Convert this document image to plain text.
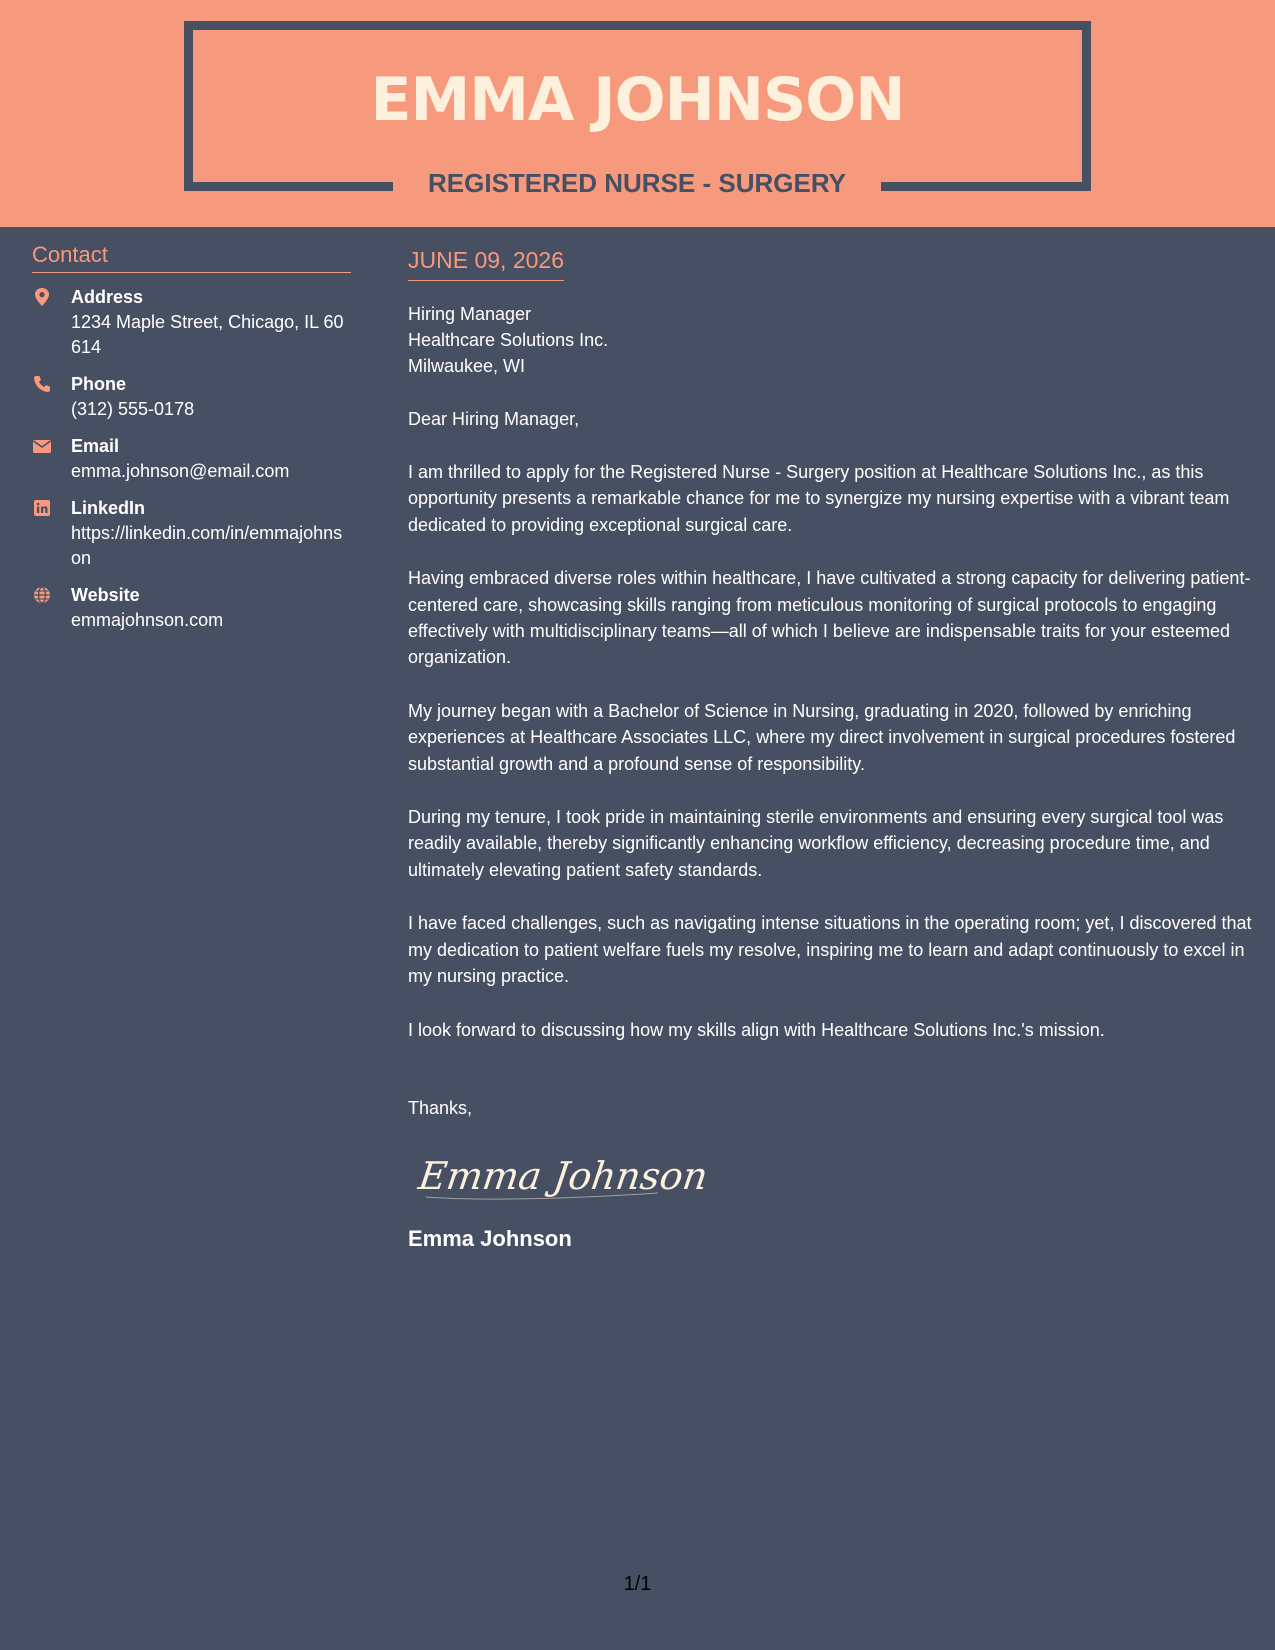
EMMA JOHNSON
REGISTERED NURSE - SURGERY
Contact
Address
1234 Maple Street, Chicago, IL 60614
Phone
(312) 555-0178
Email
emma.johnson@email.com
LinkedIn
https://linkedin.com/in/emmajohnson
Website
emmajohnson.com
JUNE 09, 2026
Hiring Manager
Healthcare Solutions Inc.
Milwaukee, WI
Dear Hiring Manager,
I am thrilled to apply for the Registered Nurse - Surgery position at Healthcare Solutions Inc., as this opportunity presents a remarkable chance for me to synergize my nursing expertise with a vibrant team dedicated to providing exceptional surgical care.
Having embraced diverse roles within healthcare, I have cultivated a strong capacity for delivering patient-centered care, showcasing skills ranging from meticulous monitoring of surgical protocols to engaging effectively with multidisciplinary teams—all of which I believe are indispensable traits for your esteemed organization.
My journey began with a Bachelor of Science in Nursing, graduating in 2020, followed by enriching experiences at Healthcare Associates LLC, where my direct involvement in surgical procedures fostered substantial growth and a profound sense of responsibility.
During my tenure, I took pride in maintaining sterile environments and ensuring every surgical tool was readily available, thereby significantly enhancing workflow efficiency, decreasing procedure time, and ultimately elevating patient safety standards.
I have faced challenges, such as navigating intense situations in the operating room; yet, I discovered that my dedication to patient welfare fuels my resolve, inspiring me to learn and adapt continuously to excel in my nursing practice.
I look forward to discussing how my skills align with Healthcare Solutions Inc.'s mission.
Thanks,
Emma Johnson
Emma Johnson
1/1
